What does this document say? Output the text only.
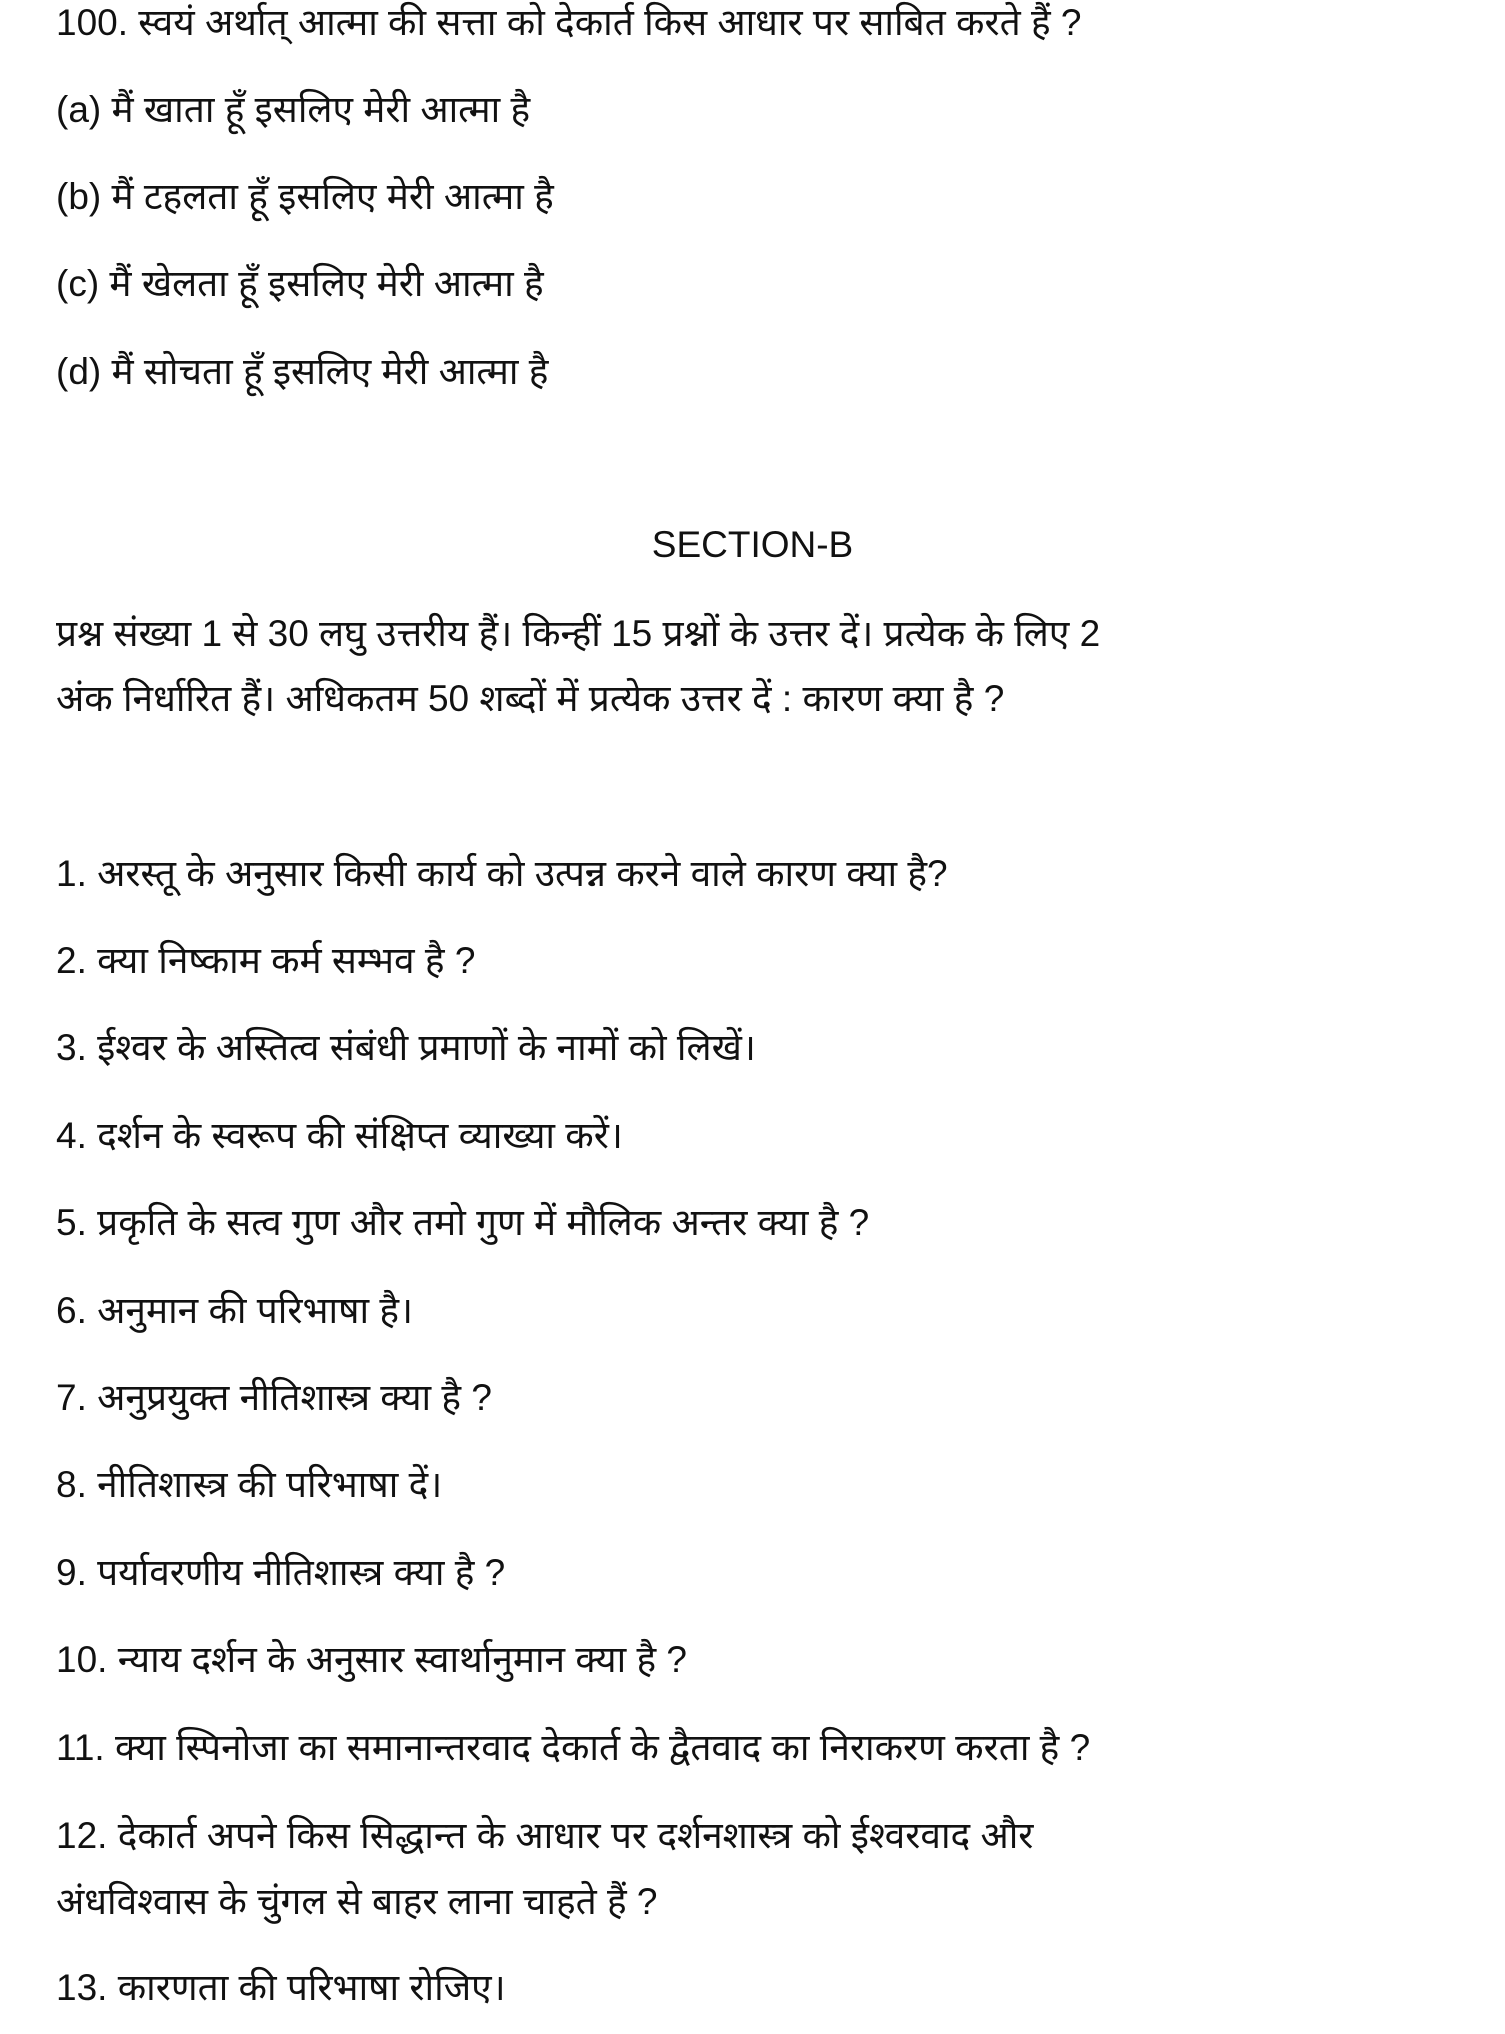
100. स्वयं अर्थात् आत्मा की सत्ता को देकार्त किस आधार पर साबित करते हैं ?
(a) मैं खाता हूँ इसलिए मेरी आत्मा है
(b) मैं टहलता हूँ इसलिए मेरी आत्मा है
(c) मैं खेलता हूँ इसलिए मेरी आत्मा है
(d) मैं सोचता हूँ इसलिए मेरी आत्मा है
SECTION-B
प्रश्न संख्या 1 से 30 लघु उत्तरीय हैं। किन्हीं 15 प्रश्नों के उत्तर दें। प्रत्येक के लिए 2
अंक निर्धारित हैं। अधिकतम 50 शब्दों में प्रत्येक उत्तर दें : कारण क्या है ?
1. अरस्तू के अनुसार किसी कार्य को उत्पन्न करने वाले कारण क्या है?
2. क्या निष्काम कर्म सम्भव है ?
3. ईश्वर के अस्तित्व संबंधी प्रमाणों के नामों को लिखें।
4. दर्शन के स्वरूप की संक्षिप्त व्याख्या करें।
5. प्रकृति के सत्व गुण और तमो गुण में मौलिक अन्तर क्या है ?
6. अनुमान की परिभाषा है।
7. अनुप्रयुक्त नीतिशास्त्र क्या है ?
8. नीतिशास्त्र की परिभाषा दें।
9. पर्यावरणीय नीतिशास्त्र क्या है ?
10. न्याय दर्शन के अनुसार स्वार्थानुमान क्या है ?
11. क्या स्पिनोजा का समानान्तरवाद देकार्त के द्वैतवाद का निराकरण करता है ?
12. देकार्त अपने किस सिद्धान्त के आधार पर दर्शनशास्त्र को ईश्वरवाद और
अंधविश्वास के चुंगल से बाहर लाना चाहते हैं ?
13. कारणता की परिभाषा रोजिए।
